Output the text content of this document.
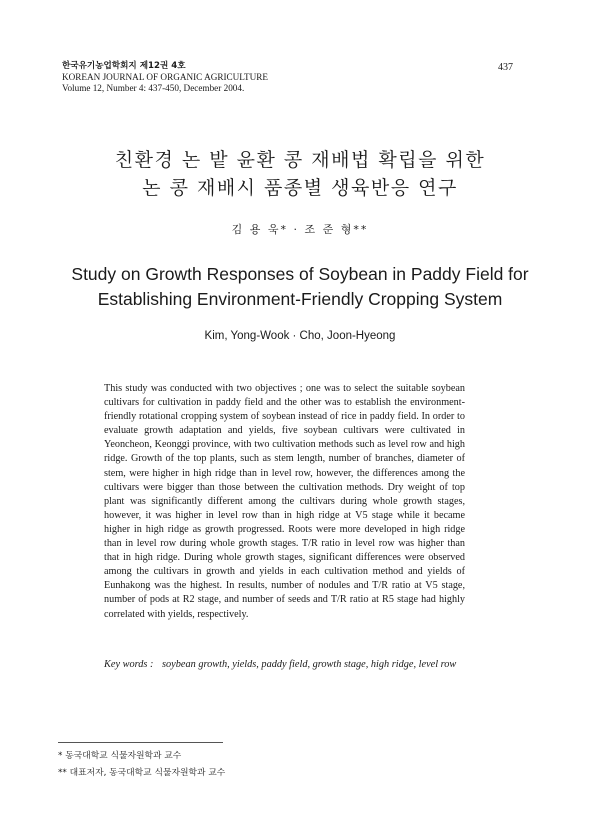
한국유기농업학회지 제12권 4호
KOREAN JOURNAL OF ORGANIC AGRICULTURE
Volume 12, Number 4: 437-450, December 2004.
437
친환경 논 밭 윤환 콩 재배법 확립을 위한
논 콩 재배시 품종별 생육반응 연구
김 용 욱* · 조 준 형**
Study on Growth Responses of Soybean in Paddy Field for
Establishing Environment-Friendly Cropping System
Kim, Yong-Wook · Cho, Joon-Hyeong
This study was conducted with two objectives ; one was to select the suitable soybean cultivars for cultivation in paddy field and the other was to establish the environment-friendly rotational cropping system of soybean instead of rice in paddy field. In order to evaluate growth adaptation and yields, five soybean cultivars were cultivated in Yeoncheon, Keonggi province, with two cultivation methods such as level row and high ridge. Growth of the top plants, such as stem length, number of branches, diameter of stem, were higher in high ridge than in level row, however, the differences among the cultivars were bigger than those between the cultivation methods. Dry weight of top plant was significantly different among the cultivars during whole growth stages, however, it was higher in level row than in high ridge at V5 stage while it became higher in high ridge as growth progressed. Roots were more developed in high ridge than in level row during whole growth stages. T/R ratio in level row was higher than that in high ridge. During whole growth stages, significant differences were observed among the cultivars in growth and yields in each cultivation method and yields of Eunhakong was the highest. In results, number of nodules and T/R ratio at V5 stage, number of pods at R2 stage, and number of seeds and T/R ratio at R5 stage had highly correlated with yields, respectively.
Key words : soybean growth, yields, paddy field, growth stage, high ridge, level row
* 동국대학교 식물자원학과 교수
** 대표저자, 동국대학교 식물자원학과 교수
